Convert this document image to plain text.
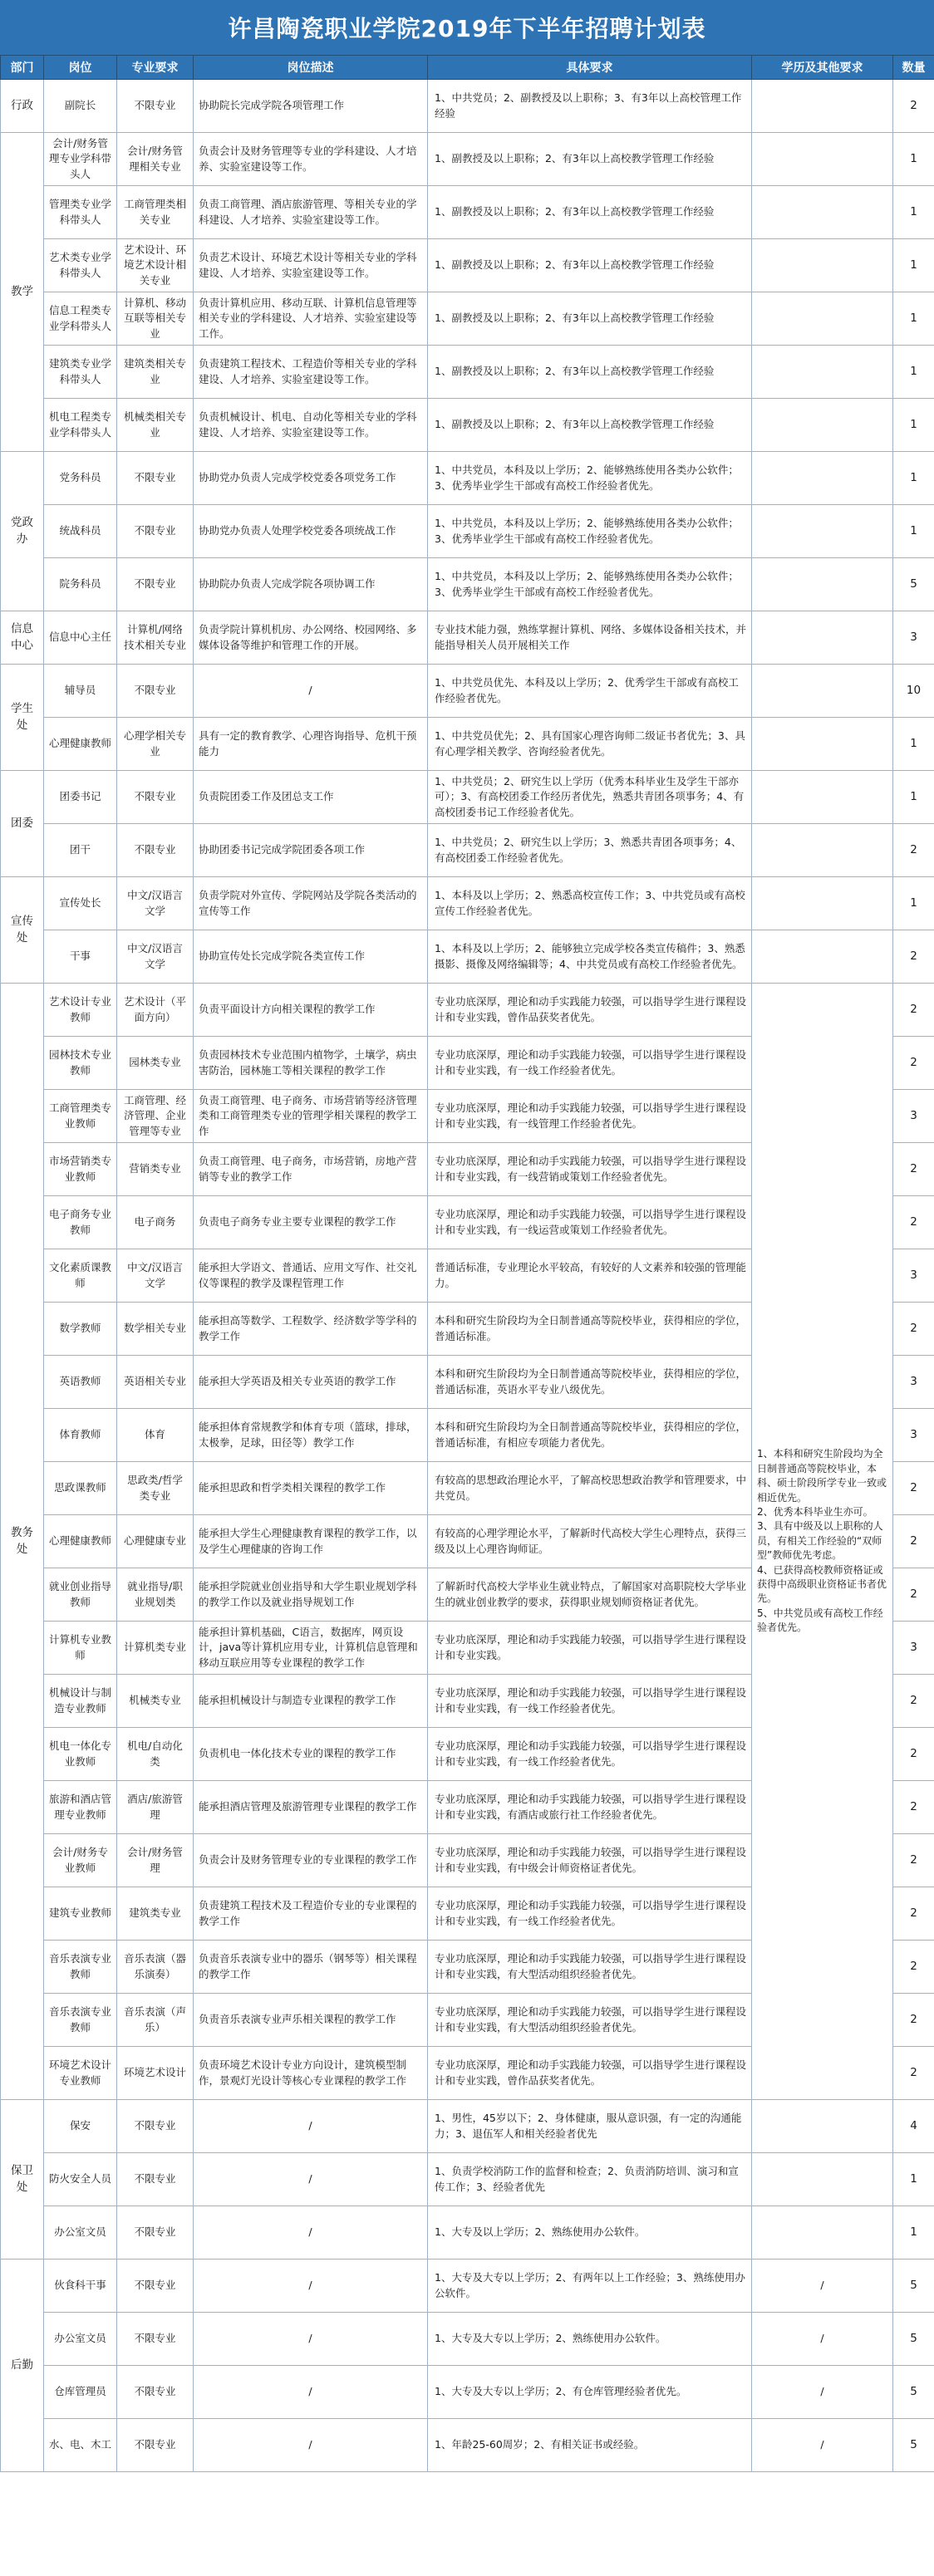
许昌陶瓷职业学院2019年下半年招聘计划表
部门	岗位	专业要求	岗位描述	具体要求	学历及其他要求	数量
行政	副院长	不限专业	协助院长完成学院各项管理工作	1、中共党员；2、副教授及以上职称；3、有3年以上高校管理工作经验		2
教学	会计/财务管理专业学科带头人	会计/财务管理相关专业	负责会计及财务管理等专业的学科建设、人才培养、实验室建设等工作。	1、副教授及以上职称；2、有3年以上高校教学管理工作经验		1
	管理类专业学科带头人	工商管理类相关专业	负责工商管理、酒店旅游管理、等相关专业的学科建设、人才培养、实验室建设等工作。	1、副教授及以上职称；2、有3年以上高校教学管理工作经验		1
	艺术类专业学科带头人	艺术设计、环境艺术设计相关专业	负责艺术设计、环境艺术设计等相关专业的学科建设、人才培养、实验室建设等工作。	1、副教授及以上职称；2、有3年以上高校教学管理工作经验		1
	信息工程类专业学科带头人	计算机、移动互联等相关专业	负责计算机应用、移动互联、计算机信息管理等相关专业的学科建设、人才培养、实验室建设等工作。	1、副教授及以上职称；2、有3年以上高校教学管理工作经验		1
	建筑类专业学科带头人	建筑类相关专业	负责建筑工程技术、工程造价等相关专业的学科建设、人才培养、实验室建设等工作。	1、副教授及以上职称；2、有3年以上高校教学管理工作经验		1
	机电工程类专业学科带头人	机械类相关专业	负责机械设计、机电、自动化等相关专业的学科建设、人才培养、实验室建设等工作。	1、副教授及以上职称；2、有3年以上高校教学管理工作经验		1
党政办	党务科员	不限专业	协助党办负责人完成学校党委各项党务工作	1、中共党员，本科及以上学历；2、能够熟练使用各类办公软件；3、优秀毕业学生干部或有高校工作经验者优先。		1
	统战科员	不限专业	协助党办负责人处理学校党委各项统战工作	1、中共党员，本科及以上学历；2、能够熟练使用各类办公软件；3、优秀毕业学生干部或有高校工作经验者优先。		1
	院务科员	不限专业	协助院办负责人完成学院各项协调工作	1、中共党员，本科及以上学历；2、能够熟练使用各类办公软件；3、优秀毕业学生干部或有高校工作经验者优先。		5
信息中心	信息中心主任	计算机/网络技术相关专业	负责学院计算机机房、办公网络、校园网络、多媒体设备等维护和管理工作的开展。	专业技术能力强，熟练掌握计算机、网络、多媒体设备相关技术，并能指导相关人员开展相关工作		3
学生处	辅导员	不限专业	/	1、中共党员优先、本科及以上学历；2、优秀学生干部或有高校工作经验者优先。		10
	心理健康教师	心理学相关专业	具有一定的教育教学、心理咨询指导、危机干预能力	1、中共党员优先；2、具有国家心理咨询师二级证书者优先；3、具有心理学相关教学、咨询经验者优先。		1
团委	团委书记	不限专业	负责院团委工作及团总支工作	1、中共党员；2、研究生以上学历（优秀本科毕业生及学生干部亦可）；3、有高校团委工作经历者优先，熟悉共青团各项事务；4、有高校团委书记工作经验者优先。		1
	团干	不限专业	协助团委书记完成学院团委各项工作	1、中共党员；2、研究生以上学历；3、熟悉共青团各项事务；4、有高校团委工作经验者优先。		2
宣传处	宣传处长	中文/汉语言文学	负责学院对外宣传、学院网站及学院各类活动的宣传等工作	1、本科及以上学历；2、熟悉高校宣传工作；3、中共党员或有高校宣传工作经验者优先。		1
	干事	中文/汉语言文学	协助宣传处长完成学院各类宣传工作	1、本科及以上学历；2、能够独立完成学校各类宣传稿件；3、熟悉摄影、摄像及网络编辑等；4、中共党员或有高校工作经验者优先。		2
教务处	艺术设计专业教师	艺术设计（平面方向）	负责平面设计方向相关课程的教学工作	专业功底深厚，理论和动手实践能力较强，可以指导学生进行课程设计和专业实践，曾作品获奖者优先。	1、本科和研究生阶段均为全日制普通高等院校毕业，本科、硕士阶段所学专业一致或相近优先。
2、优秀本科毕业生亦可。
3、具有中级及以上职称的人员，有相关工作经验的“双师型”教师优先考虑。
4、已获得高校教师资格证或获得中高级职业资格证书者优先。
5、中共党员或有高校工作经验者优先。	2
	园林技术专业教师	园林类专业	负责园林技术专业范围内植物学，土壤学，病虫害防治，园林施工等相关课程的教学工作	专业功底深厚，理论和动手实践能力较强，可以指导学生进行课程设计和专业实践，有一线工作经验者优先。		2
	工商管理类专业教师	工商管理、经济管理、企业管理等专业	负责工商管理、电子商务、市场营销等经济管理类和工商管理类专业的管理学相关课程的教学工作	专业功底深厚，理论和动手实践能力较强，可以指导学生进行课程设计和专业实践，有一线管理工作经验者优先。		3
	市场营销类专业教师	营销类专业	负责工商管理、电子商务，市场营销，房地产营销等专业的教学工作	专业功底深厚，理论和动手实践能力较强，可以指导学生进行课程设计和专业实践，有一线营销或策划工作经验者优先。		2
	电子商务专业教师	电子商务	负责电子商务专业主要专业课程的教学工作	专业功底深厚，理论和动手实践能力较强，可以指导学生进行课程设计和专业实践，有一线运营或策划工作经验者优先。		2
	文化素质课教师	中文/汉语言文学	能承担大学语文、普通话、应用文写作、社交礼仪等课程的教学及课程管理工作	普通话标准，专业理论水平较高，有较好的人文素养和较强的管理能力。		3
	数学教师	数学相关专业	能承担高等数学、工程数学、经济数学等学科的教学工作	本科和研究生阶段均为全日制普通高等院校毕业，获得相应的学位，普通话标准。		2
	英语教师	英语相关专业	能承担大学英语及相关专业英语的教学工作	本科和研究生阶段均为全日制普通高等院校毕业，获得相应的学位，普通话标准，英语水平专业八级优先。		3
	体育教师	体育	能承担体育常规教学和体育专项（篮球，排球，太极拳，足球，田径等）教学工作	本科和研究生阶段均为全日制普通高等院校毕业，获得相应的学位，普通话标准，有相应专项能力者优先。		3
	思政课教师	思政类/哲学类专业	能承担思政和哲学类相关课程的教学工作	有较高的思想政治理论水平，了解高校思想政治教学和管理要求，中共党员。		2
	心理健康教师	心理健康专业	能承担大学生心理健康教育课程的教学工作，以及学生心理健康的咨询工作	有较高的心理学理论水平，了解新时代高校大学生心理特点，获得三级及以上心理咨询师证。		2
	就业创业指导教师	就业指导/职业规划类	能承担学院就业创业指导和大学生职业规划学科的教学工作以及就业指导规划工作	了解新时代高校大学毕业生就业特点，了解国家对高职院校大学毕业生的就业创业教学的要求，获得职业规划师资格证者优先。		2
	计算机专业教师	计算机类专业	能承担计算机基础，C语言，数据库，网页设计，java等计算机应用专业，计算机信息管理和移动互联应用等专业课程的教学工作	专业功底深厚，理论和动手实践能力较强，可以指导学生进行课程设计和专业实践。		3
	机械设计与制造专业教师	机械类专业	能承担机械设计与制造专业课程的教学工作	专业功底深厚，理论和动手实践能力较强，可以指导学生进行课程设计和专业实践，有一线工作经验者优先。		2
	机电一体化专业教师	机电/自动化类	负责机电一体化技术专业的课程的教学工作	专业功底深厚，理论和动手实践能力较强，可以指导学生进行课程设计和专业实践，有一线工作经验者优先。		2
	旅游和酒店管理专业教师	酒店/旅游管理	能承担酒店管理及旅游管理专业课程的教学工作	专业功底深厚，理论和动手实践能力较强，可以指导学生进行课程设计和专业实践，有酒店或旅行社工作经验者优先。		2
	会计/财务专业教师	会计/财务管理	负责会计及财务管理专业的专业课程的教学工作	专业功底深厚，理论和动手实践能力较强，可以指导学生进行课程设计和专业实践，有中级会计师资格证者优先。		2
	建筑专业教师	建筑类专业	负责建筑工程技术及工程造价专业的专业课程的教学工作	专业功底深厚，理论和动手实践能力较强，可以指导学生进行课程设计和专业实践，有一线工作经验者优先。		2
	音乐表演专业教师	音乐表演（器乐演奏）	负责音乐表演专业中的器乐（钢琴等）相关课程的教学工作	专业功底深厚，理论和动手实践能力较强，可以指导学生进行课程设计和专业实践，有大型活动组织经验者优先。		2
	音乐表演专业教师	音乐表演（声乐）	负责音乐表演专业声乐相关课程的教学工作	专业功底深厚，理论和动手实践能力较强，可以指导学生进行课程设计和专业实践，有大型活动组织经验者优先。		2
	环境艺术设计专业教师	环境艺术设计	负责环境艺术设计专业方向设计，建筑模型制作，景观灯光设计等核心专业课程的教学工作	专业功底深厚，理论和动手实践能力较强，可以指导学生进行课程设计和专业实践，曾作品获奖者优先。		2
保卫处	保安	不限专业	/	1、男性，45岁以下；2、身体健康，服从意识强，有一定的沟通能力；3、退伍军人和相关经验者优先		4
	防火安全人员	不限专业	/	1、负责学校消防工作的监督和检查；2、负责消防培训、演习和宣传工作；3、经验者优先		1
	办公室文员	不限专业	/	1、大专及以上学历；2、熟练使用办公软件。		1
后勤	伙食科干事	不限专业	/	1、大专及大专以上学历；2、有两年以上工作经验；3、熟练使用办公软件。	/	5
	办公室文员	不限专业	/	1、大专及大专以上学历；2、熟练使用办公软件。	/	5
	仓库管理员	不限专业	/	1、大专及大专以上学历；2、有仓库管理经验者优先。	/	5
	水、电、木工	不限专业	/	1、年龄25-60周岁；2、有相关证书或经验。	/	5
